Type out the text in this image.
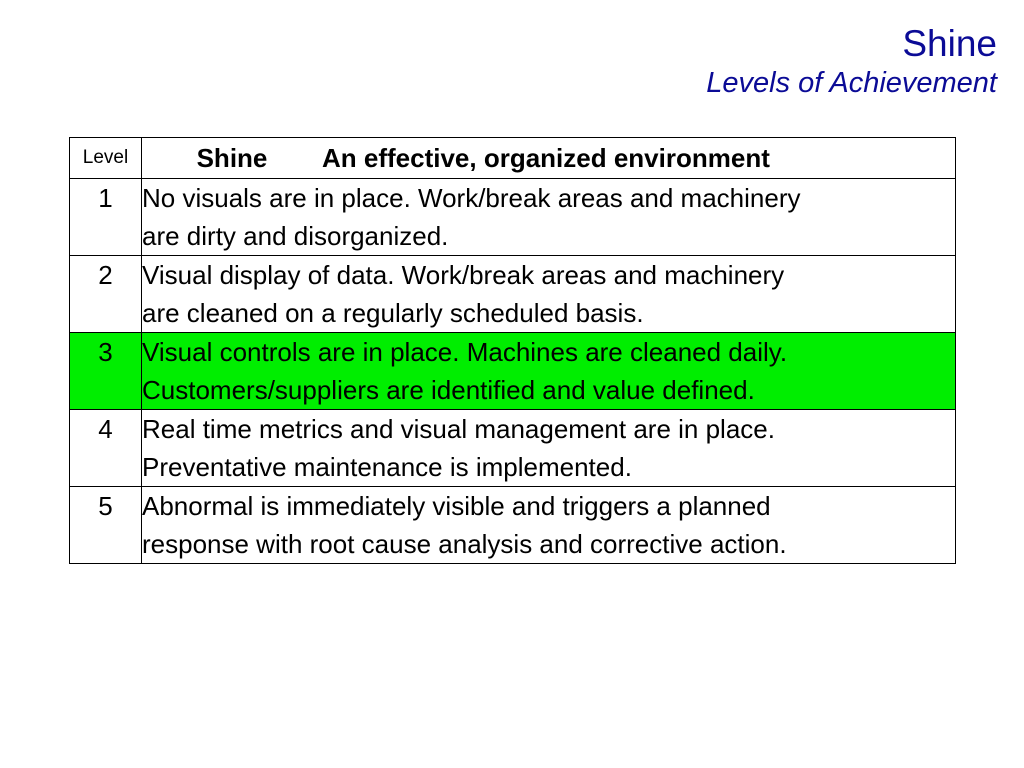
Shine
Levels of Achievement
Level	Shine An effective, organized environment
1	No visuals are in place. Work/break areas and machinery
are dirty and disorganized.

2	Visual display of data. Work/break areas and machinery
are cleaned on a regularly scheduled basis.

3	Visual controls are in place. Machines are cleaned daily.
Customers/suppliers are identified and value defined.

4	Real time metrics and visual management are in place.
Preventative maintenance is implemented.

5	Abnormal is immediately visible and triggers a planned
response with root cause analysis and corrective action.
